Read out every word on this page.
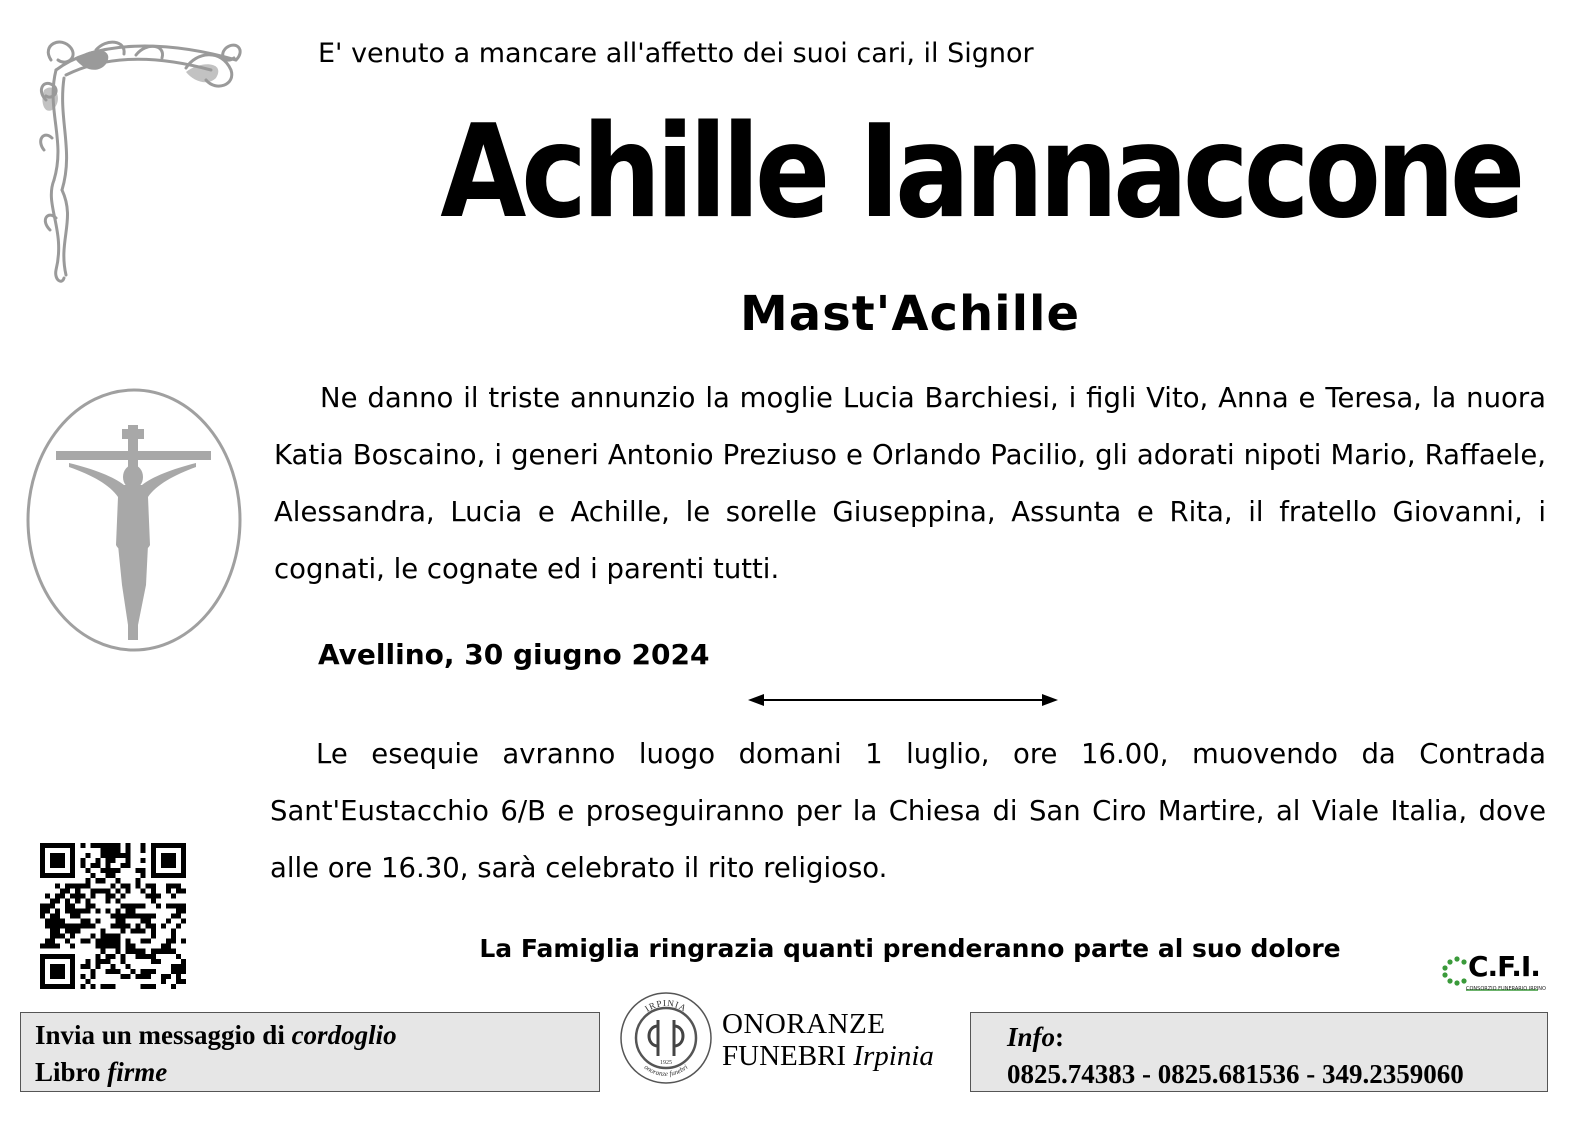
E' venuto a mancare all'affetto dei suoi cari, il Signor
Achille Iannaccone
Mast'Achille
Ne danno il triste annunzio la moglie Lucia Barchiesi, i figli Vito, Anna e Teresa, la nuora Katia Boscaino, i generi Antonio Preziuso e Orlando Pacilio, gli adorati nipoti Mario, Raffaele, Alessandra, Lucia e Achille, le sorelle Giuseppina, Assunta e Rita, il fratello Giovanni, i cognati, le cognate ed i parenti tutti.
Avellino, 30 giugno 2024
Le esequie avranno luogo domani 1 luglio, ore 16.00, muovendo da Contrada Sant'Eustacchio 6/B e proseguiranno per la Chiesa di San Ciro Martire, al Viale Italia, dove alle ore 16.30, sarà celebrato il rito religioso.
La Famiglia ringrazia quanti prenderanno parte al suo dolore
C.F.I.
CONSORZIO FUNERARIO IRPINO
Invia un messaggio di cordoglio
Libro firme
IRPINIA
onoranze funebri
1925
ONORANZE
FUNEBRI Irpinia
Info:
0825.74383 - 0825.681536 - 349.2359060
